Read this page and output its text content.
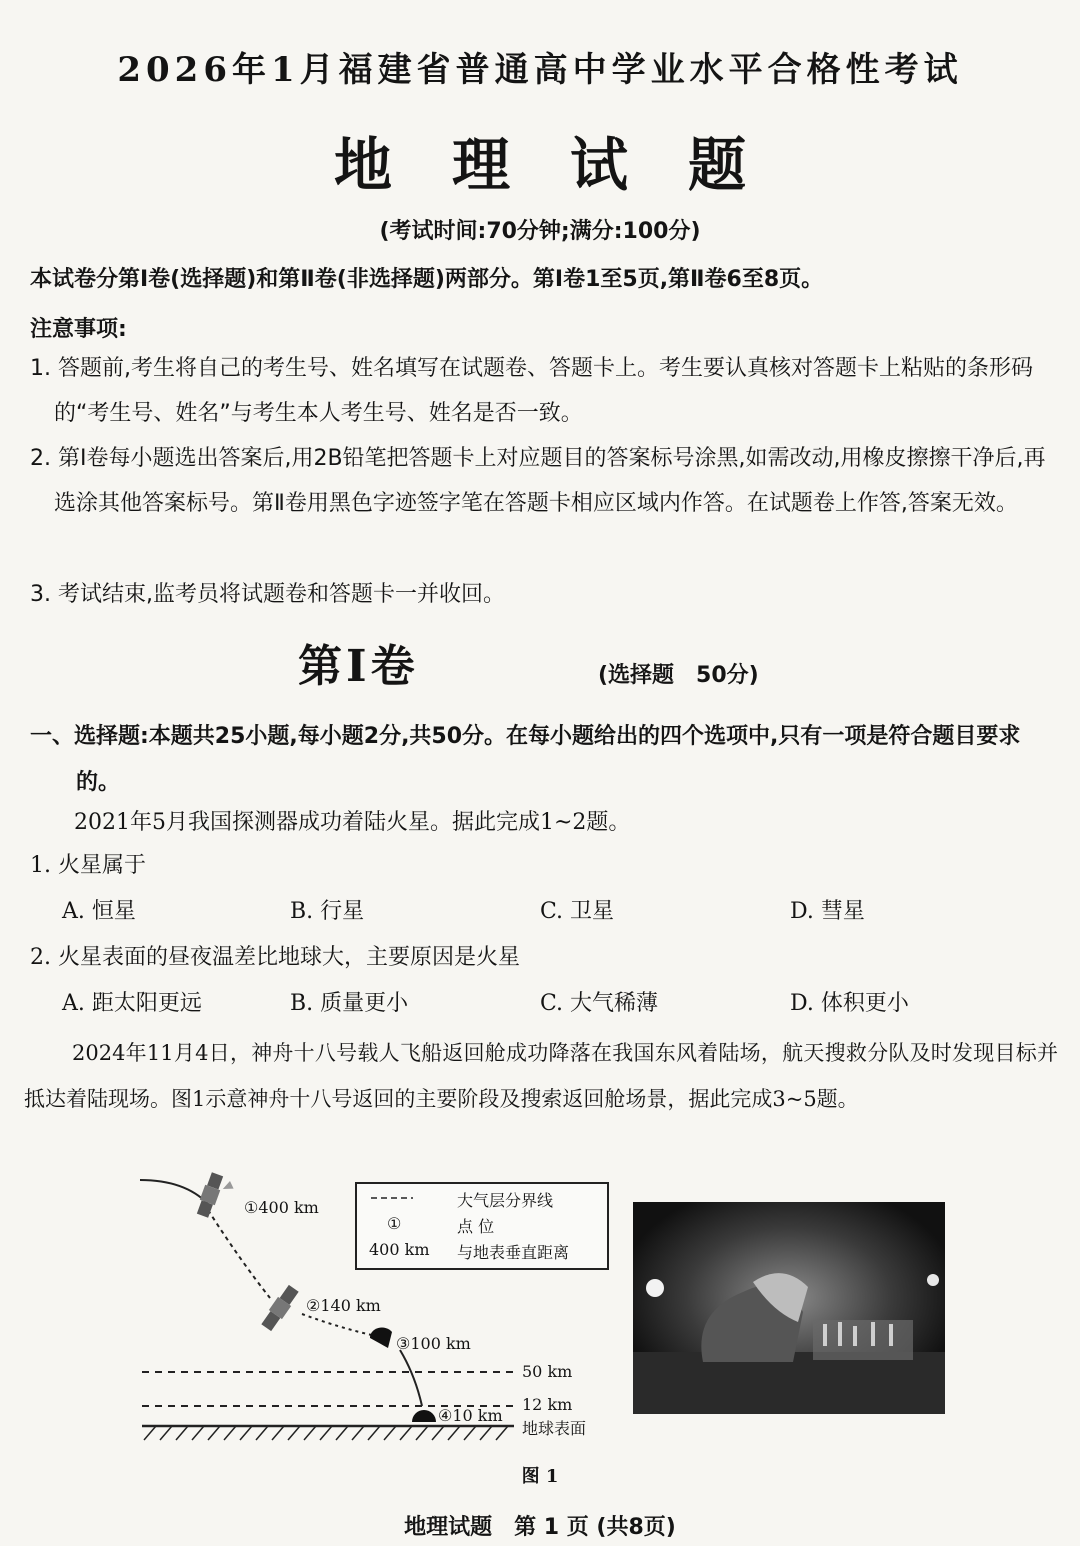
2026年1月福建省普通高中学业水平合格性考试
地理试题
(考试时间:70分钟;满分:100分)
本试卷分第Ⅰ卷(选择题)和第Ⅱ卷(非选择题)两部分。第Ⅰ卷1至5页,第Ⅱ卷6至8页。
注意事项:
1. 答题前,考生将自己的考生号、姓名填写在试题卷、答题卡上。考生要认真核对答题卡上粘贴的条形码的“考生号、姓名”与考生本人考生号、姓名是否一致。
2. 第Ⅰ卷每小题选出答案后,用2B铅笔把答题卡上对应题目的答案标号涂黑,如需改动,用橡皮擦擦干净后,再选涂其他答案标号。第Ⅱ卷用黑色字迹签字笔在答题卡相应区域内作答。在试题卷上作答,答案无效。
3. 考试结束,监考员将试题卷和答题卡一并收回。
第Ⅰ卷	(选择题　50分)
一、选择题:本题共25小题,每小题2分,共50分。在每小题给出的四个选项中,只有一项是符合题目要求的。
2021年5月我国探测器成功着陆火星。据此完成1~2题。
1. 火星属于
A. 恒星	B. 行星	C. 卫星	D. 彗星
2. 火星表面的昼夜温差比地球大，主要原因是火星
A. 距太阳更远	B. 质量更小	C. 大气稀薄	D. 体积更小
2024年11月4日，神舟十八号载人飞船返回舱成功降落在我国东风着陆场，航天搜救分队及时发现目标并抵达着陆现场。图1示意神舟十八号返回的主要阶段及搜索返回舱场景，据此完成3~5题。
①400 km
②140 km
③100 km
④10 km
50 km
12 km
地球表面
大气层分界线
①	点 位
400 km 与地表垂直距离
图 1
地理试题　第 1 页 (共8页)
